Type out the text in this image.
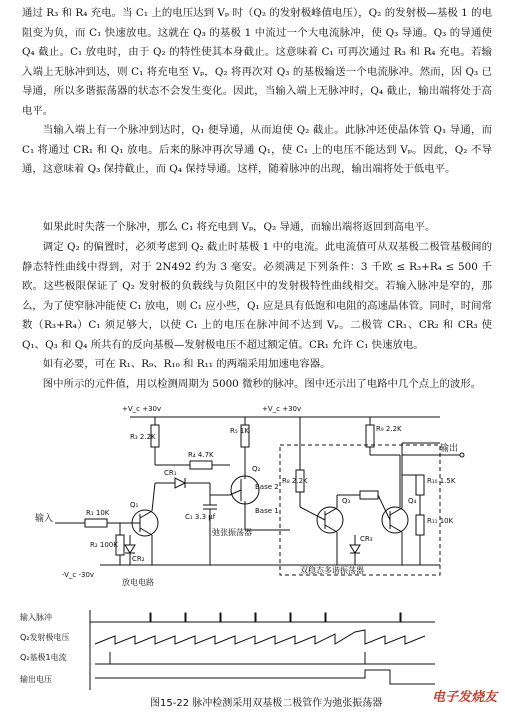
通过 R₃ 和 R₄ 充电。当 C₁ 上的电压达到 Vₚ 时（Q₂ 的发射极峰值电压），Q₂ 的发射极—基极 1 的电阻变为负，而 C₁ 快速放电。这就在 Q₃ 的基极 1 中流过一个大电流脉冲，使 Q₃ 导通。Q₃ 的导通使 Q₄ 截止。C₁ 放电时，由于 Q₂ 的特性使其本身截止。这意味着 C₁ 可再次通过 R₃ 和 R₄ 充电。若输入端上无脉冲到达，则 C₁ 将充电至 Vₚ，Q₂ 将再次对 Q₃ 的基极输送一个电流脉冲。然而，因 Q₃ 已导通，所以多谐振荡器的状态不会发生变化。因此，当输入端上无脉冲时，Q₄ 截止，输出端将处于高电平。

当输入端上有一个脉冲到达时，Q₁ 便导通，从而迫使 Q₂ 截止。此脉冲还使晶体管 Q₁ 导通，而 C₁ 将通过 CR₁ 和 Q₁ 放电。后来的脉冲再次导通 Q₁，使 C₁ 上的电压不能达到 Vₚ。因此，Q₂ 不导通，这意味着 Q₃ 保持截止，而 Q₄ 保持导通。这样，随着脉冲的出现，输出端将处于低电平。

如果此时失落一个脉冲，那么 C₁ 将充电到 Vₚ，Q₂ 导通，而输出端将返回到高电平。

调定 Q₂ 的偏置时，必须考虑到 Q₂ 截止时基极 1 中的电流。此电流值可从双基极二极管基极间的静态特性曲线中得到，对于 2N492 约为 3 毫安。必须满足下列条件：3 千欧 ≤ R₃+R₄ ≤ 500 千欧。这些极限保证了 Q₂ 发射极的负载线与负阻区中的发射极特性曲线相交。若输入脉冲是窄的，那么，为了使窄脉冲能使 C₁ 放电，则 C₁ 应小些，Q₁ 应是具有低饱和电阻的高速晶体管。同时，时间常数（R₃+R₄）C₁ 须足够大，以使 C₁ 上的电压在脉冲间不达到 Vₚ。二极管 CR₁、CR₂ 和 CR₃ 使 Q₁、Q₃ 和 Q₄ 所共有的反向基极—发射极电压不超过额定值。CR₁ 允许 C₁ 快速放电。

如有必要，可在 R₁、R₉、R₁₀ 和 R₁₁ 的两端采用加速电容器。

图中所示的元件值，用以检测周期为 5000 微秒的脉冲。图中还示出了电路中几个点上的波形。

+V_c +30v	+V_c +30v
输入
输出
R₁ 10K
R₂ 100K
R₃ 2.2K
R₄ 4.7K
R₅ 1K
R₈ 2.2K
R₉ 2.2K
R₁₀ 1.5K
R₁₁ 10K
Q₁
Q₂
Q₃	Q₄
CR₁
CR₂
CR₃
C₁ 3.3 μf
Base 2
Base 1
-V_c -30v
放电电路
弛张振荡器
双稳态多谐振荡器
输入脉冲
Q₂发射极电压
Q₂基极1电流
输出电压
图15-22 脉冲检测采用双基极二极管作为弛张振荡器	电子发烧友
